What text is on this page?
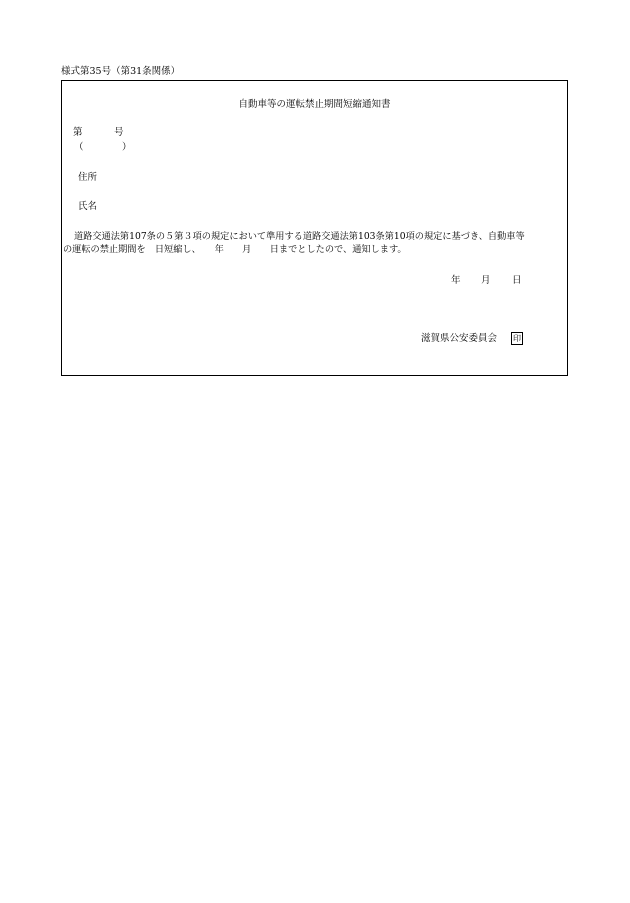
様式第35号（第31条関係）
自動車等の運転禁止期間短縮通知書
第	号
（	）
住所
氏名
道路交通法第107条の５第３項の規定において準用する道路交通法第103条第10項の規定に基づき、自動車等
の運転の禁止期間を　日短縮し、　　年　　月　　日までとしたので、通知します。
年 月 日
滋賀県公安委員会 印
